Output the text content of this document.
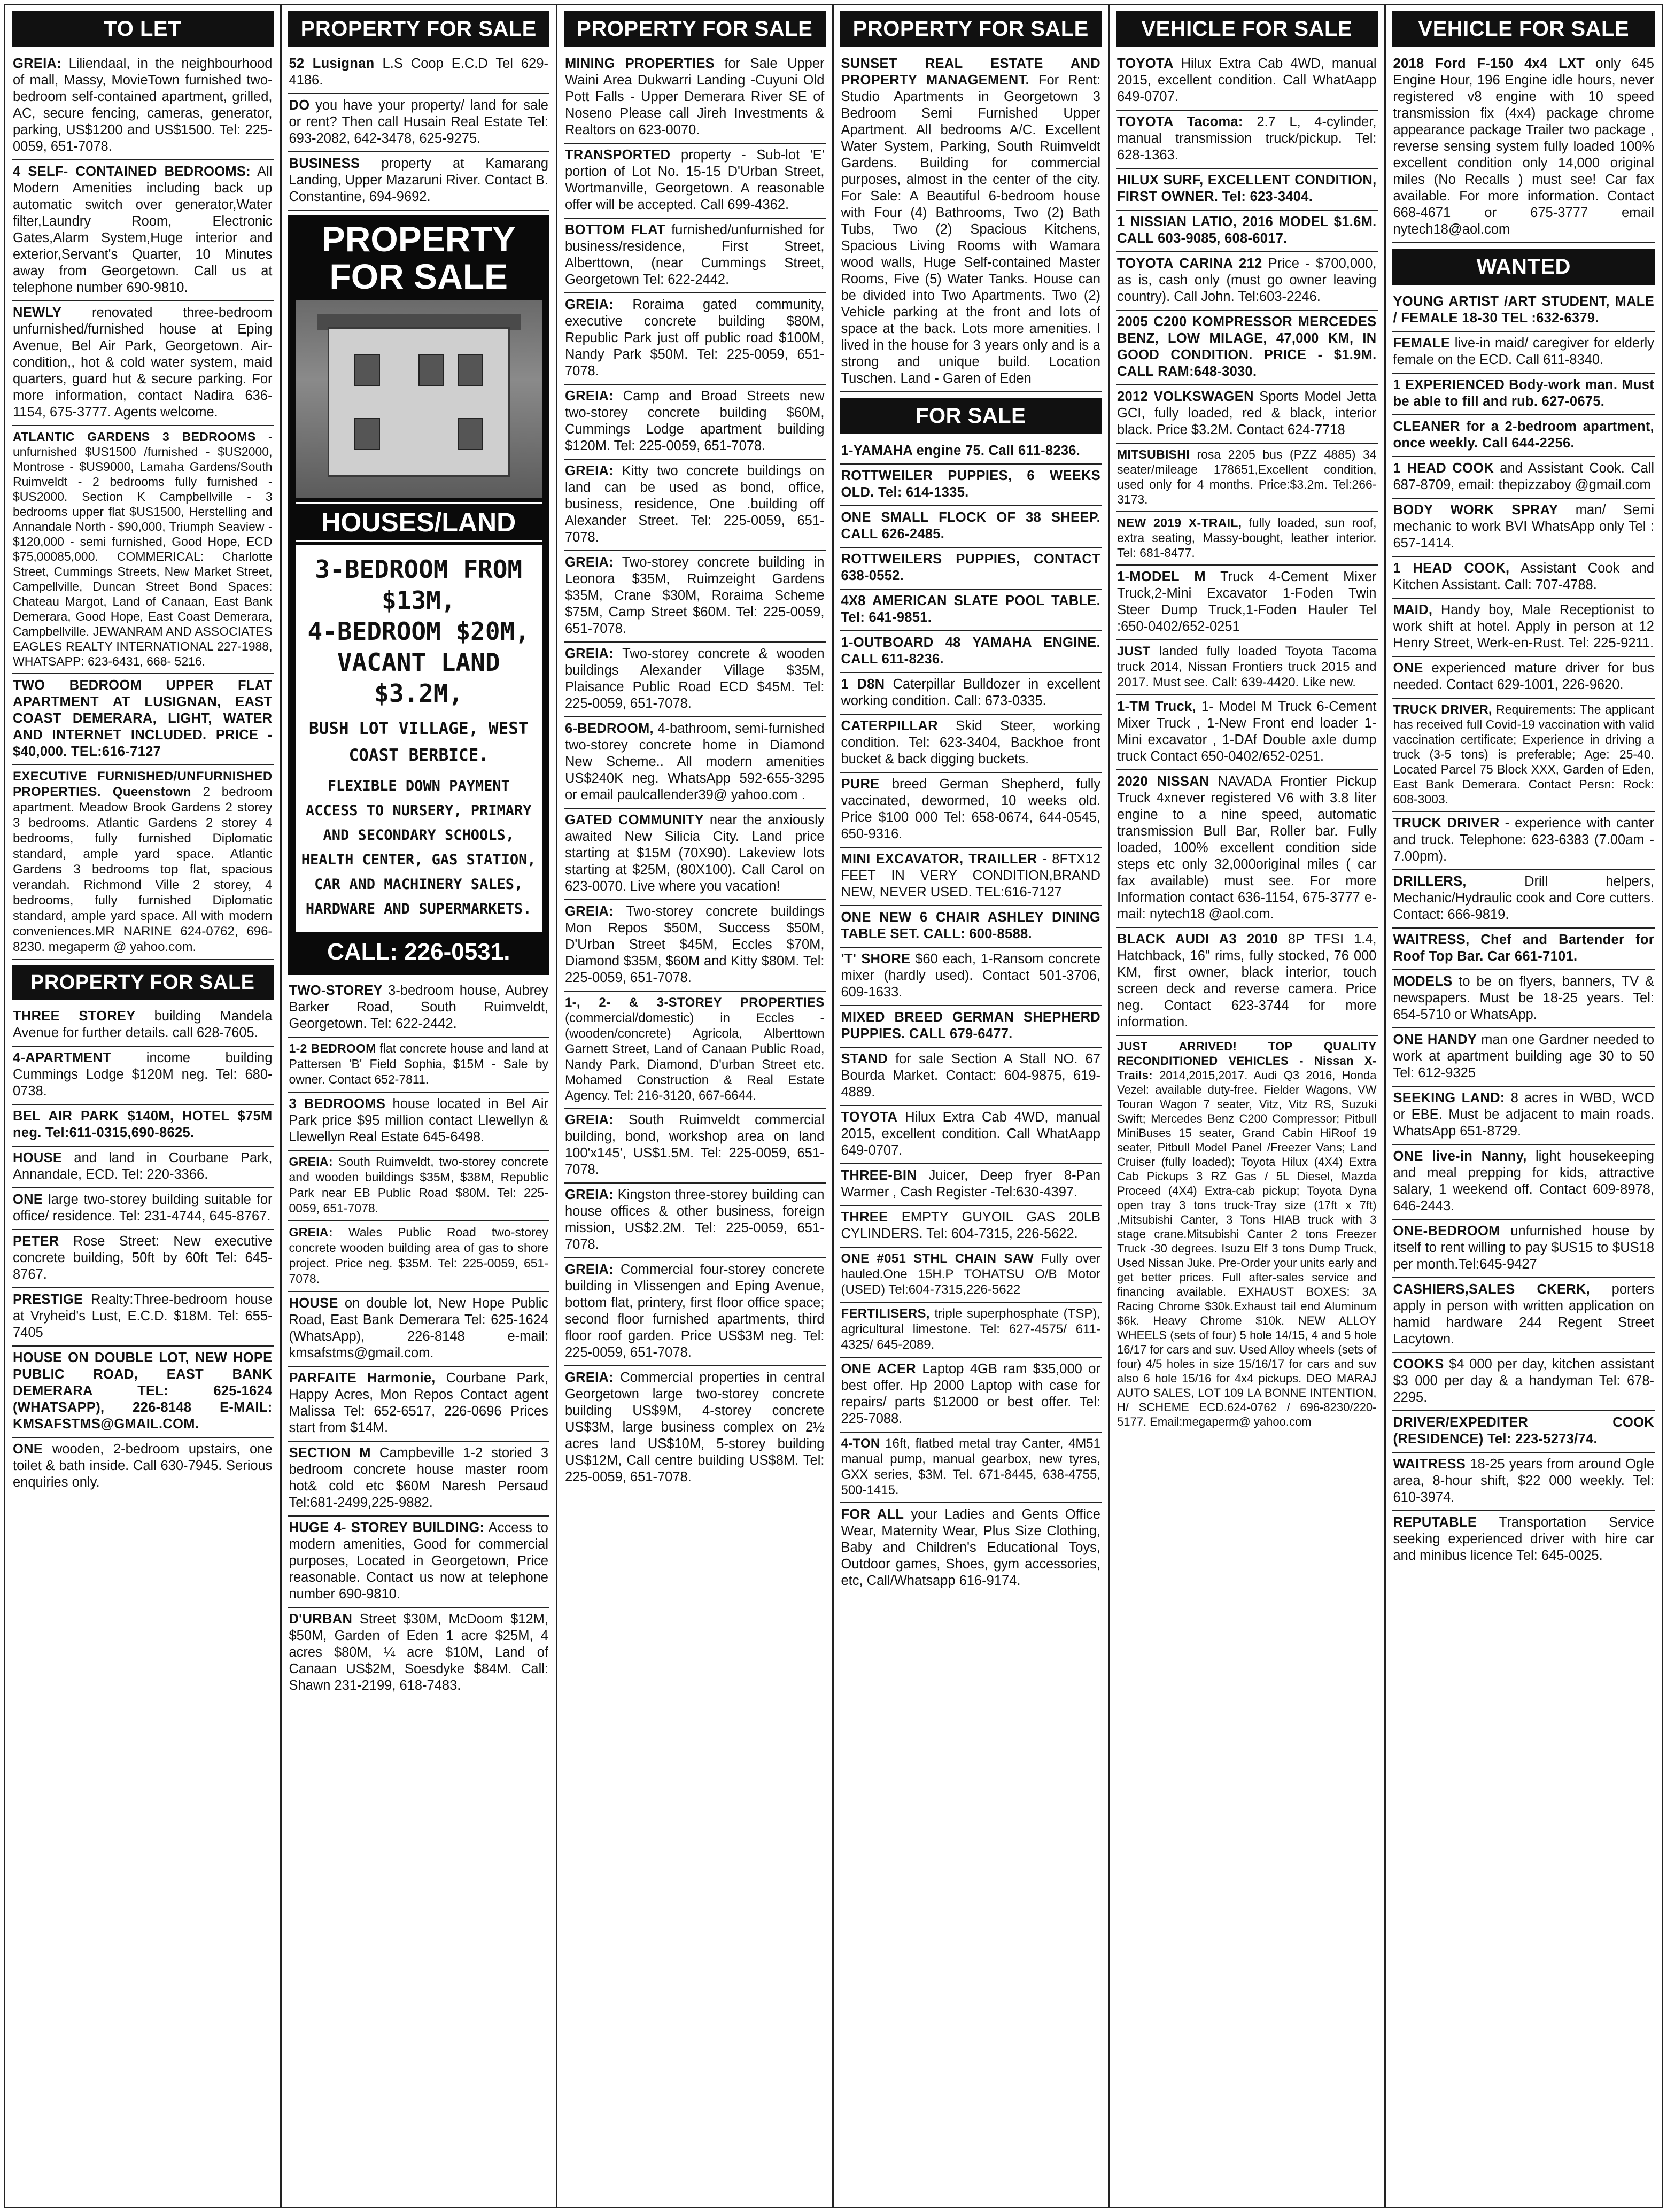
TO LET
GREIA: Liliendaal, in the neighbourhood of mall, Massy, MovieTown furnished two-bedroom self-contained apartment, grilled, AC, secure fencing, cameras, generator, parking, US$1200 and US$1500. Tel: 225-0059, 651-7078.
4 SELF- CONTAINED BEDROOMS: All Modern Amenities including back up automatic switch over generator,Water filter,Laundry Room, Electronic Gates,Alarm System,Huge interior and exterior,Servant's Quarter, 10 Minutes away from Georgetown. Call us at telephone number 690-9810.
NEWLY renovated three-bedroom unfurnished/furnished house at Eping Avenue, Bel Air Park, Georgetown. Air-condition,, hot & cold water system, maid quarters, guard hut & secure parking. For more information, contact Nadira 636-1154, 675-3777. Agents welcome.
ATLANTIC GARDENS 3 BEDROOMS - unfurnished $US1500 /furnished - $US2000, Montrose - $US9000, Lamaha Gardens/South Ruimveldt - 2 bedrooms fully furnished - $US2000. Section K Campbellville - 3 bedrooms upper flat $US1500, Herstelling and Annandale North - $90,000, Triumph Seaview - $120,000 - semi furnished, Good Hope, ECD $75,00085,000. COMMERICAL: Charlotte Street, Cummings Streets, New Market Street, Campellville, Duncan Street Bond Spaces: Chateau Margot, Land of Canaan, East Bank Demerara, Good Hope, East Coast Demerara, Campbellville. JEWANRAM AND ASSOCIATES EAGLES REALTY INTERNATIONAL 227-1988, WHATSAPP: 623-6431, 668- 5216.
TWO BEDROOM UPPER FLAT APARTMENT AT LUSIGNAN, EAST COAST DEMERARA, LIGHT, WATER AND INTERNET INCLUDED. PRICE - $40,000. TEL:616-7127
EXECUTIVE FURNISHED/UNFURNISHED PROPERTIES. Queenstown 2 bedroom apartment. Meadow Brook Gardens 2 storey 3 bedrooms. Atlantic Gardens 2 storey 4 bedrooms, fully furnished Diplomatic standard, ample yard space. Atlantic Gardens 3 bedrooms top flat, spacious verandah. Richmond Ville 2 storey, 4 bedrooms, fully furnished Diplomatic standard, ample yard space. All with modern conveniences.MR NARINE 624-0762, 696-8230. megaperm @ yahoo.com.
PROPERTY FOR SALE
THREE STOREY building Mandela Avenue for further details. call 628-7605.
4-APARTMENT income building Cummings Lodge $120M neg. Tel: 680-0738.
BEL AIR PARK $140M, HOTEL $75M neg. Tel:611-0315,690-8625.
HOUSE and land in Courbane Park, Annandale, ECD. Tel: 220-3366.
ONE large two-storey building suitable for office/ residence. Tel: 231-4744, 645-8767.
PETER Rose Street: New executive concrete building, 50ft by 60ft Tel: 645-8767.
PRESTIGE Realty:Three-bedroom house at Vryheid's Lust, E.C.D. $18M. Tel: 655-7405
HOUSE ON DOUBLE LOT, NEW HOPE PUBLIC ROAD, EAST BANK DEMERARA TEL: 625-1624 (WHATSAPP), 226-8148 E-MAIL: KMSAFSTMS@GMAIL.COM.
ONE wooden, 2-bedroom upstairs, one toilet & bath inside. Call 630-7945. Serious enquiries only.
PROPERTY FOR SALE
52 Lusignan L.S Coop E.C.D Tel 629-4186.
DO you have your property/ land for sale or rent? Then call Husain Real Estate Tel: 693-2082, 642-3478, 625-9275.
BUSINESS property at Kamarang Landing, Upper Mazaruni River. Contact B. Constantine, 694-9692.
PROPERTY FOR SALE
HOUSES/LAND
3-BEDROOM FROM $13M,
4-BEDROOM $20M,
VACANT LAND $3.2M,
BUSH LOT VILLAGE, WEST COAST BERBICE.
FLEXIBLE DOWN PAYMENT ACCESS TO NURSERY, PRIMARY AND SECONDARY SCHOOLS, HEALTH CENTER, GAS STATION, CAR AND MACHINERY SALES, HARDWARE AND SUPERMARKETS.
CALL: 226-0531.
TWO-STOREY 3-bedroom house, Aubrey Barker Road, South Ruimveldt, Georgetown. Tel: 622-2442.
1-2 BEDROOM flat concrete house and land at Pattersen 'B' Field Sophia, $15M - Sale by owner. Contact 652-7811.
3 BEDROOMS house located in Bel Air Park price $95 million contact Llewellyn & Llewellyn Real Estate 645-6498.
GREIA: South Ruimveldt, two-storey concrete and wooden buildings $35M, $38M, Republic Park near EB Public Road $80M. Tel: 225-0059, 651-7078.
GREIA: Wales Public Road two-storey concrete wooden building area of gas to shore project. Price neg. $35M. Tel: 225-0059, 651-7078.
HOUSE on double lot, New Hope Public Road, East Bank Demerara Tel: 625-1624 (WhatsApp), 226-8148 e-mail: kmsafstms@gmail.com.
PARFAITE Harmonie, Courbane Park, Happy Acres, Mon Repos Contact agent Malissa Tel: 652-6517, 226-0696 Prices start from $14M.
SECTION M Campbeville 1-2 storied 3 bedroom concrete house master room hot& cold etc $60M Naresh Persaud Tel:681-2499,225-9882.
HUGE 4- STOREY BUILDING: Access to modern amenities, Good for commercial purposes, Located in Georgetown, Price reasonable. Contact us now at telephone number 690-9810.
D'URBAN Street $30M, McDoom $12M, $50M, Garden of Eden 1 acre $25M, 4 acres $80M, ¼ acre $10M, Land of Canaan US$2M, Soesdyke $84M. Call: Shawn 231-2199, 618-7483.
PROPERTY FOR SALE
MINING PROPERTIES for Sale Upper Waini Area Dukwarri Landing -Cuyuni Old Pott Falls - Upper Demerara River SE of Noseno Please call Jireh Investments & Realtors on 623-0070.
TRANSPORTED property - Sub-lot 'E' portion of Lot No. 15-15 D'Urban Street, Wortmanville, Georgetown. A reasonable offer will be accepted. Call 699-4362.
BOTTOM FLAT furnished/unfurnished for business/residence, First Street, Alberttown, (near Cummings Street, Georgetown Tel: 622-2442.
GREIA: Roraima gated community, executive concrete building $80M, Republic Park just off public road $100M, Nandy Park $50M. Tel: 225-0059, 651-7078.
GREIA: Camp and Broad Streets new two-storey concrete building $60M, Cummings Lodge apartment building $120M. Tel: 225-0059, 651-7078.
GREIA: Kitty two concrete buildings on land can be used as bond, office, business, residence, One .building off Alexander Street. Tel: 225-0059, 651-7078.
GREIA: Two-storey concrete building in Leonora $35M, Ruimzeight Gardens $35M, Crane $30M, Roraima Scheme $75M, Camp Street $60M. Tel: 225-0059, 651-7078.
GREIA: Two-storey concrete & wooden buildings Alexander Village $35M, Plaisance Public Road ECD $45M. Tel: 225-0059, 651-7078.
6-BEDROOM, 4-bathroom, semi-furnished two-storey concrete home in Diamond New Scheme.. All modern amenities US$240K neg. WhatsApp 592-655-3295 or email paulcallender39@ yahoo.com .
GATED COMMUNITY near the anxiously awaited New Silicia City. Land price starting at $15M (70X90). Lakeview lots starting at $25M, (80X100). Call Carol on 623-0070. Live where you vacation!
GREIA: Two-storey concrete buildings Mon Repos $50M, Success $50M, D'Urban Street $45M, Eccles $70M, Diamond $35M, $60M and Kitty $80M. Tel: 225-0059, 651-7078.
1-, 2- & 3-STOREY PROPERTIES (commercial/domestic) in Eccles - (wooden/concrete) Agricola, Alberttown Garnett Street, Land of Canaan Public Road, Nandy Park, Diamond, D'urban Street etc. Mohamed Construction & Real Estate Agency. Tel: 216-3120, 667-6644.
GREIA: South Ruimveldt commercial building, bond, workshop area on land 100'x145', US$1.5M. Tel: 225-0059, 651-7078.
GREIA: Kingston three-storey building can house offices & other business, foreign mission, US$2.2M. Tel: 225-0059, 651-7078.
GREIA: Commercial four-storey concrete building in Vlissengen and Eping Avenue, bottom flat, printery, first floor office space; second floor furnished apartments, third floor roof garden. Price US$3M neg. Tel: 225-0059, 651-7078.
GREIA: Commercial properties in central Georgetown large two-storey concrete building US$9M, 4-storey concrete US$3M, large business complex on 2½ acres land US$10M, 5-storey building US$12M, Call centre building US$8M. Tel: 225-0059, 651-7078.
PROPERTY FOR SALE
SUNSET REAL ESTATE AND PROPERTY MANAGEMENT. For Rent: Studio Apartments in Georgetown 3 Bedroom Semi Furnished Upper Apartment. All bedrooms A/C. Excellent Water System, Parking, South Ruimveldt Gardens. Building for commercial purposes, almost in the center of the city. For Sale: A Beautiful 6-bedroom house with Four (4) Bathrooms, Two (2) Bath Tubs, Two (2) Spacious Kitchens, Spacious Living Rooms with Wamara wood walls, Huge Self-contained Master Rooms, Five (5) Water Tanks. House can be divided into Two Apartments. Two (2) Vehicle parking at the front and lots of space at the back. Lots more amenities. I lived in the house for 3 years only and is a strong and unique build. Location Tuschen. Land - Garen of Eden
FOR SALE
1-YAMAHA engine 75. Call 611-8236.
ROTTWEILER PUPPIES, 6 WEEKS OLD. Tel: 614-1335.
ONE SMALL FLOCK OF 38 SHEEP. CALL 626-2485.
ROTTWEILERS PUPPIES, CONTACT 638-0552.
4X8 AMERICAN SLATE POOL TABLE. Tel: 641-9851.
1-OUTBOARD 48 YAMAHA ENGINE. CALL 611-8236.
1 D8N Caterpillar Bulldozer in excellent working condition. Call: 673-0335.
CATERPILLAR Skid Steer, working condition. Tel: 623-3404, Backhoe front bucket & back digging buckets.
PURE breed German Shepherd, fully vaccinated, dewormed, 10 weeks old. Price $100 000 Tel: 658-0674, 644-0545, 650-9316.
MINI EXCAVATOR, TRAILLER - 8FTX12 FEET IN VERY CONDITION,BRAND NEW, NEVER USED. TEL:616-7127
ONE NEW 6 CHAIR ASHLEY DINING TABLE SET. CALL: 600-8588.
'T' SHORE $60 each, 1-Ransom concrete mixer (hardly used). Contact 501-3706, 609-1633.
MIXED BREED GERMAN SHEPHERD PUPPIES. CALL 679-6477.
STAND for sale Section A Stall NO. 67 Bourda Market. Contact: 604-9875, 619-4889.
TOYOTA Hilux Extra Cab 4WD, manual 2015, excellent condition. Call WhatAapp 649-0707.
THREE-BIN Juicer, Deep fryer 8-Pan Warmer , Cash Register -Tel:630-4397.
THREE EMPTY GUYOIL GAS 20LB CYLINDERS. Tel: 604-7315, 226-5622.
ONE #051 STHL CHAIN SAW Fully over hauled.One 15H.P TOHATSU O/B Motor (USED) Tel:604-7315,226-5622
FERTILISERS, triple superphosphate (TSP), agricultural limestone. Tel: 627-4575/ 611-4325/ 645-2089.
ONE ACER Laptop 4GB ram $35,000 or best offer. Hp 2000 Laptop with case for repairs/ parts $12000 or best offer. Tel: 225-7088.
4-TON 16ft, flatbed metal tray Canter, 4M51 manual pump, manual gearbox, new tyres, GXX series, $3M. Tel. 671-8445, 638-4755, 500-1415.
FOR ALL your Ladies and Gents Office Wear, Maternity Wear, Plus Size Clothing, Baby and Children's Educational Toys, Outdoor games, Shoes, gym accessories, etc, Call/Whatsapp 616-9174.
VEHICLE FOR SALE
TOYOTA Hilux Extra Cab 4WD, manual 2015, excellent condition. Call WhatAapp 649-0707.
TOYOTA Tacoma: 2.7 L, 4-cylinder, manual transmission truck/pickup. Tel: 628-1363.
HILUX SURF, EXCELLENT CONDITION, FIRST OWNER. Tel: 623-3404.
1 NISSIAN LATIO, 2016 MODEL $1.6M. CALL 603-9085, 608-6017.
TOYOTA CARINA 212 Price - $700,000, as is, cash only (must go owner leaving country). Call John. Tel:603-2246.
2005 C200 KOMPRESSOR MERCEDES BENZ, LOW MILAGE, 47,000 KM, IN GOOD CONDITION. PRICE - $1.9M. CALL RAM:648-3030.
2012 VOLKSWAGEN Sports Model Jetta GCI, fully loaded, red & black, interior black. Price $3.2M. Contact 624-7718
MITSUBISHI rosa 2205 bus (PZZ 4885) 34 seater/mileage 178651,Excellent condition, used only for 4 months. Price:$3.2m. Tel:266-3173.
NEW 2019 X-TRAIL, fully loaded, sun roof, extra seating, Massy-bought, leather interior. Tel: 681-8477.
1-MODEL M Truck 4-Cement Mixer Truck,2-Mini Excavator 1-Foden Twin Steer Dump Truck,1-Foden Hauler Tel :650-0402/652-0251
JUST landed fully loaded Toyota Tacoma truck 2014, Nissan Frontiers truck 2015 and 2017. Must see. Call: 639-4420. Like new.
1-TM Truck, 1- Model M Truck 6-Cement Mixer Truck , 1-New Front end loader 1-Mini excavator , 1-DAf Double axle dump truck Contact 650-0402/652-0251.
2020 NISSAN NAVADA Frontier Pickup Truck 4xnever registered V6 with 3.8 liter engine to a nine speed, automatic transmission Bull Bar, Roller bar. Fully loaded, 100% excellent condition side steps etc only 32,000original miles ( car fax available) must see. For more Information contact 636-1154, 675-3777 e-mail: nytech18 @aol.com.
BLACK AUDI A3 2010 8P TFSI 1.4, Hatchback, 16" rims, fully stocked, 76 000 KM, first owner, black interior, touch screen deck and reverse camera. Price neg. Contact 623-3744 for more information.
JUST ARRIVED! TOP QUALITY RECONDITIONED VEHICLES - Nissan X-Trails: 2014,2015,2017. Audi Q3 2016, Honda Vezel: available duty-free. Fielder Wagons, VW Touran Wagon 7 seater, Vitz, Vitz RS, Suzuki Swift; Mercedes Benz C200 Compressor; Pitbull MiniBuses 15 seater, Grand Cabin HiRoof 19 seater, Pitbull Model Panel /Freezer Vans; Land Cruiser (fully loaded); Toyota Hilux (4X4) Extra Cab Pickups 3 RZ Gas / 5L Diesel, Mazda Proceed (4X4) Extra-cab pickup; Toyota Dyna open tray 3 tons truck-Tray size (17ft x 7ft) ,Mitsubishi Canter, 3 Tons HIAB truck with 3 stage crane.Mitsubishi Canter 2 tons Freezer Truck -30 degrees. Isuzu Elf 3 tons Dump Truck, Used Nissan Juke. Pre-Order your units early and get better prices. Full after-sales service and financing available. EXHAUST BOXES: 3A Racing Chrome $30k.Exhaust tail end Aluminum $6k. Heavy Chrome $10k. NEW ALLOY WHEELS (sets of four) 5 hole 14/15, 4 and 5 hole 16/17 for cars and suv. Used Alloy wheels (sets of four) 4/5 holes in size 15/16/17 for cars and suv also 6 hole 15/16 for 4x4 pickups. DEO MARAJ AUTO SALES, LOT 109 LA BONNE INTENTION, H/ SCHEME ECD.624-0762 / 696-8230/220-5177. Email:megaperm@ yahoo.com
VEHICLE FOR SALE
2018 Ford F-150 4x4 LXT only 645 Engine Hour, 196 Engine idle hours, never registered v8 engine with 10 speed transmission fix (4x4) package chrome appearance package Trailer two package , reverse sensing system fully loaded 100% excellent condition only 14,000 original miles (No Recalls ) must see! Car fax available. For more information. Contact 668-4671 or 675-3777 email nytech18@aol.com
WANTED
YOUNG ARTIST /ART STUDENT, MALE / FEMALE 18-30 TEL :632-6379.
FEMALE live-in maid/ caregiver for elderly female on the ECD. Call 611-8340.
1 EXPERIENCED Body-work man. Must be able to fill and rub. 627-0675.
CLEANER for a 2-bedroom apartment, once weekly. Call 644-2256.
1 HEAD COOK and Assistant Cook. Call 687-8709, email: thepizzaboy @gmail.com
BODY WORK SPRAY man/ Semi mechanic to work BVI WhatsApp only Tel : 657-1414.
1 HEAD COOK, Assistant Cook and Kitchen Assistant. Call: 707-4788.
MAID, Handy boy, Male Receptionist to work shift at hotel. Apply in person at 12 Henry Street, Werk-en-Rust. Tel: 225-9211.
ONE experienced mature driver for bus needed. Contact 629-1001, 226-9620.
TRUCK DRIVER, Requirements: The applicant has received full Covid-19 vaccination with valid vaccination certificate; Experience in driving a truck (3-5 tons) is preferable; Age: 25-40. Located Parcel 75 Block XXX, Garden of Eden, East Bank Demerara. Contact Persn: Rock: 608-3003.
TRUCK DRIVER - experience with canter and truck. Telephone: 623-6383 (7.00am - 7.00pm).
DRILLERS, Drill helpers, Mechanic/Hydraulic cook and Core cutters. Contact: 666-9819.
WAITRESS, Chef and Bartender for Roof Top Bar. Car 661-7101.
MODELS to be on flyers, banners, TV & newspapers. Must be 18-25 years. Tel: 654-5710 or WhatsApp.
ONE HANDY man one Gardner needed to work at apartment building age 30 to 50 Tel: 612-9325
SEEKING LAND: 8 acres in WBD, WCD or EBE. Must be adjacent to main roads. WhatsApp 651-8729.
ONE live-in Nanny, light housekeeping and meal prepping for kids, attractive salary, 1 weekend off. Contact 609-8978, 646-2443.
ONE-BEDROOM unfurnished house by itself to rent willing to pay $US15 to $US18 per month.Tel:645-9427
CASHIERS,SALES CKERK, porters apply in person with written application on hamid hardware 244 Regent Street Lacytown.
COOKS $4 000 per day, kitchen assistant $3 000 per day & a handyman Tel: 678-2295.
DRIVER/EXPEDITER COOK (RESIDENCE) Tel: 223-5273/74.
WAITRESS 18-25 years from around Ogle area, 8-hour shift, $22 000 weekly. Tel: 610-3974.
REPUTABLE Transportation Service seeking experienced driver with hire car and minibus licence Tel: 645-0025.
